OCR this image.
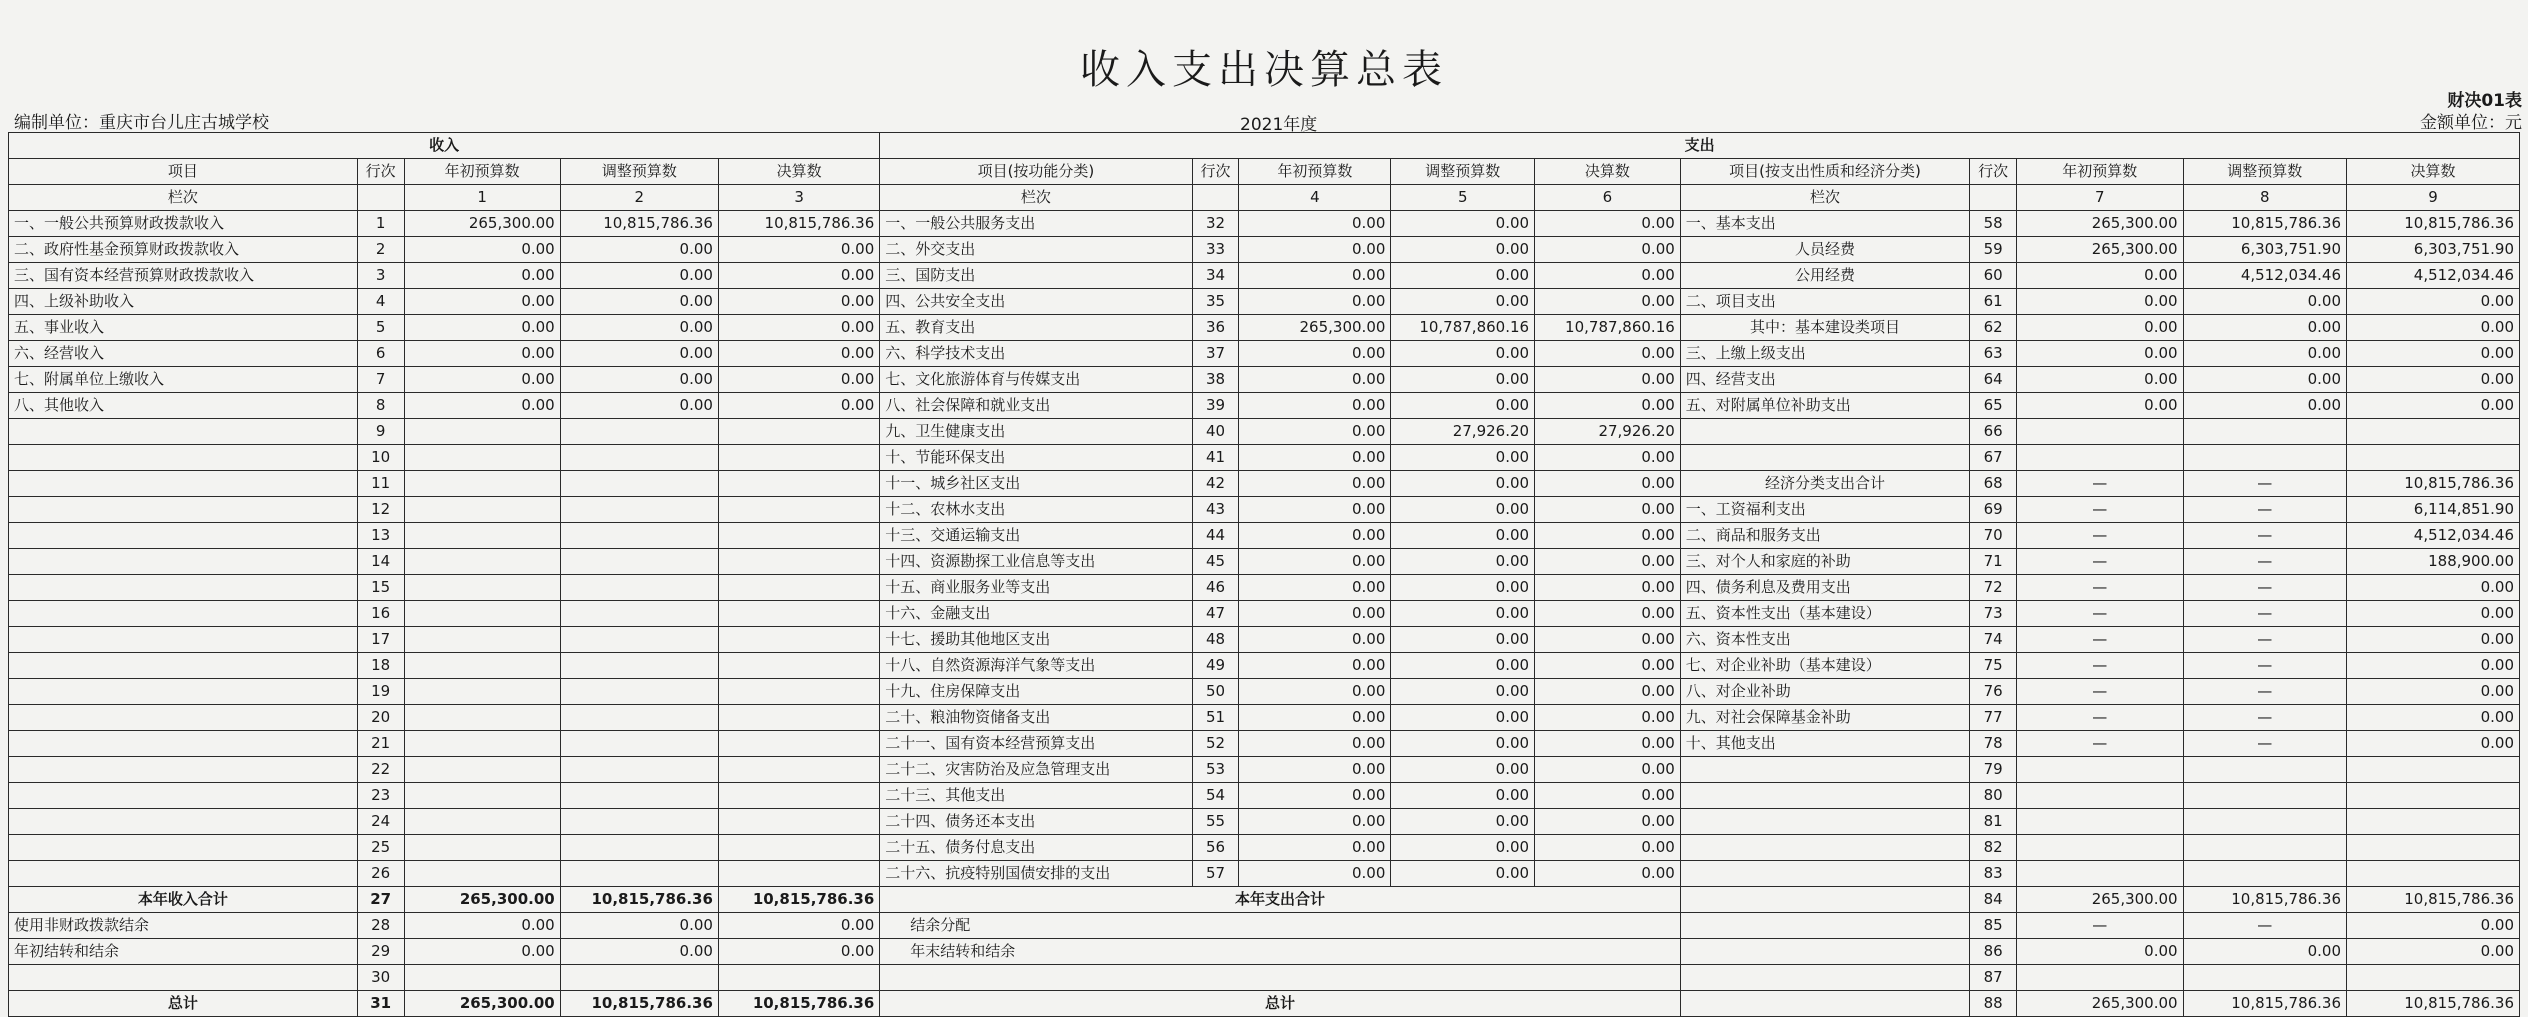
收入支出决算总表
财决01表
编制单位：重庆市台儿庄古城学校	2021年度	金额单位：元
收入					支出									
项目	行次	年初预算数	调整预算数	决算数	项目(按功能分类)	行次	年初预算数	调整预算数	决算数	项目(按支出性质和经济分类)	行次	年初预算数	调整预算数	决算数
栏次		1	2	3	栏次		4	5	6	栏次		7	8	9
一、一般公共预算财政拨款收入	1	265,300.00	10,815,786.36	10,815,786.36	一、一般公共服务支出	32	0.00	0.00	0.00	一、基本支出	58	265,300.00	10,815,786.36	10,815,786.36
二、政府性基金预算财政拨款收入	2	0.00	0.00	0.00	二、外交支出	33	0.00	0.00	0.00	人员经费	59	265,300.00	6,303,751.90	6,303,751.90
三、国有资本经营预算财政拨款收入	3	0.00	0.00	0.00	三、国防支出	34	0.00	0.00	0.00	公用经费	60	0.00	4,512,034.46	4,512,034.46
四、上级补助收入	4	0.00	0.00	0.00	四、公共安全支出	35	0.00	0.00	0.00	二、项目支出	61	0.00	0.00	0.00
五、事业收入	5	0.00	0.00	0.00	五、教育支出	36	265,300.00	10,787,860.16	10,787,860.16	其中：基本建设类项目	62	0.00	0.00	0.00
六、经营收入	6	0.00	0.00	0.00	六、科学技术支出	37	0.00	0.00	0.00	三、上缴上级支出	63	0.00	0.00	0.00
七、附属单位上缴收入	7	0.00	0.00	0.00	七、文化旅游体育与传媒支出	38	0.00	0.00	0.00	四、经营支出	64	0.00	0.00	0.00
八、其他收入	8	0.00	0.00	0.00	八、社会保障和就业支出	39	0.00	0.00	0.00	五、对附属单位补助支出	65	0.00	0.00	0.00
	9				九、卫生健康支出	40	0.00	27,926.20	27,926.20		66			
	10				十、节能环保支出	41	0.00	0.00	0.00		67			
	11				十一、城乡社区支出	42	0.00	0.00	0.00	经济分类支出合计	68	—	—	10,815,786.36
	12				十二、农林水支出	43	0.00	0.00	0.00	一、工资福利支出	69	—	—	6,114,851.90
	13				十三、交通运输支出	44	0.00	0.00	0.00	二、商品和服务支出	70	—	—	4,512,034.46
	14				十四、资源勘探工业信息等支出	45	0.00	0.00	0.00	三、对个人和家庭的补助	71	—	—	188,900.00
	15				十五、商业服务业等支出	46	0.00	0.00	0.00	四、债务利息及费用支出	72	—	—	0.00
	16				十六、金融支出	47	0.00	0.00	0.00	五、资本性支出（基本建设）	73	—	—	0.00
	17				十七、援助其他地区支出	48	0.00	0.00	0.00	六、资本性支出	74	—	—	0.00
	18				十八、自然资源海洋气象等支出	49	0.00	0.00	0.00	七、对企业补助（基本建设）	75	—	—	0.00
	19				十九、住房保障支出	50	0.00	0.00	0.00	八、对企业补助	76	—	—	0.00
	20				二十、粮油物资储备支出	51	0.00	0.00	0.00	九、对社会保障基金补助	77	—	—	0.00
	21				二十一、国有资本经营预算支出	52	0.00	0.00	0.00	十、其他支出	78	—	—	0.00
	22				二十二、灾害防治及应急管理支出	53	0.00	0.00	0.00		79			
	23				二十三、其他支出	54	0.00	0.00	0.00		80			
	24				二十四、债务还本支出	55	0.00	0.00	0.00		81			
	25				二十五、债务付息支出	56	0.00	0.00	0.00		82			
	26				二十六、抗疫特别国债安排的支出	57	0.00	0.00	0.00		83			
本年收入合计	27	265,300.00	10,815,786.36	10,815,786.36	本年支出合计						84	265,300.00	10,815,786.36	10,815,786.36
使用非财政拨款结余	28	0.00	0.00	0.00	结余分配						85	—	—	0.00
年初结转和结余	29	0.00	0.00	0.00	年末结转和结余						86	0.00	0.00	0.00
	30										87			
总计	31	265,300.00	10,815,786.36	10,815,786.36	总计						88	265,300.00	10,815,786.36	10,815,786.36
